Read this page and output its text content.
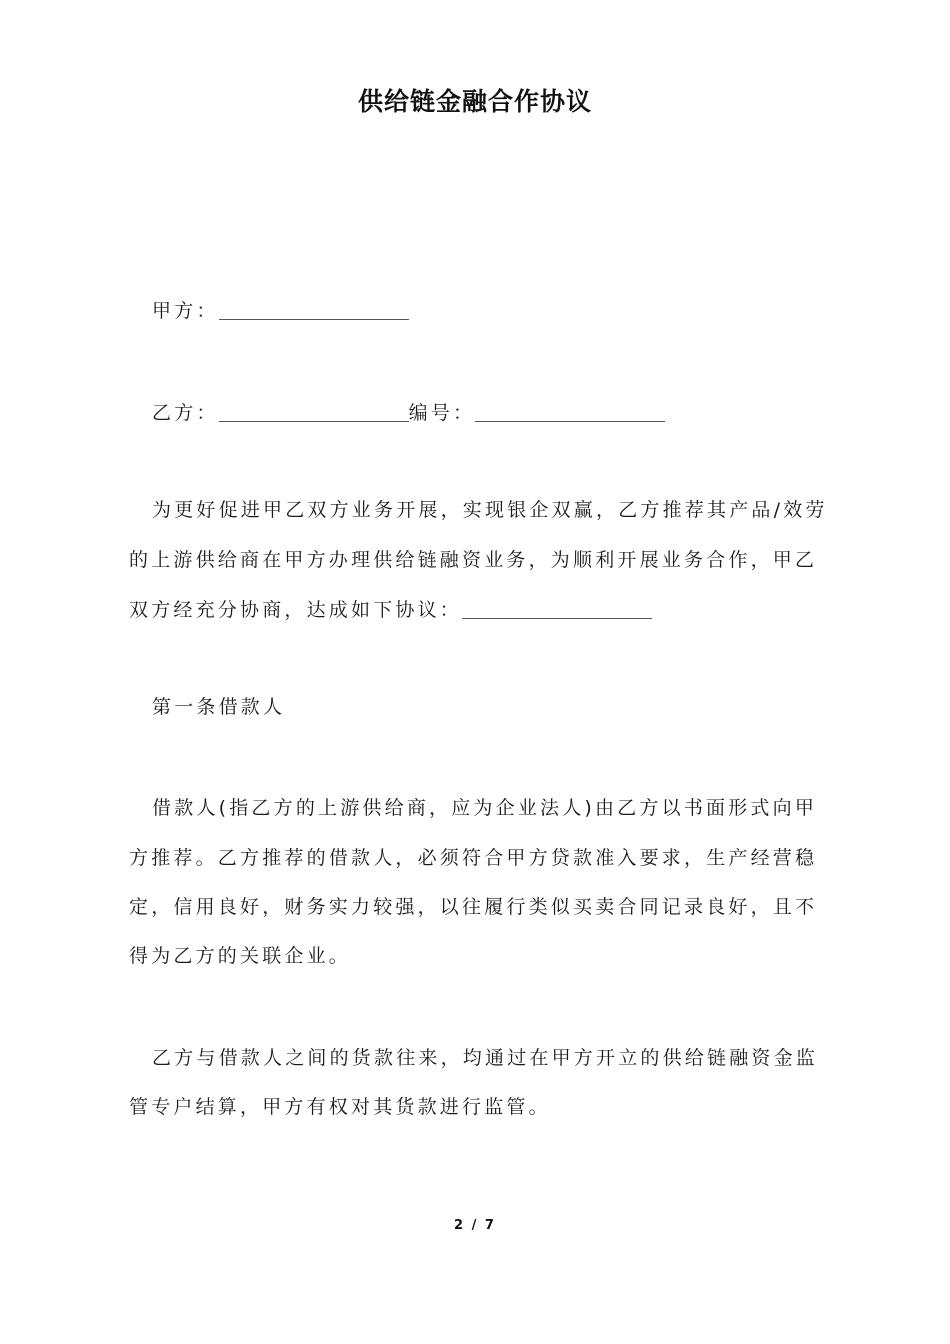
供给链金融合作协议
甲方：
乙方：	编号：
为更好促进甲乙双方业务开展，实现银企双赢，乙方推荐其产品/效劳
的上游供给商在甲方办理供给链融资业务，为顺利开展业务合作，甲乙
双方经充分协商，达成如下协议：
第一条借款人
借款人(指乙方的上游供给商，应为企业法人)由乙方以书面形式向甲
方推荐。乙方推荐的借款人，必须符合甲方贷款准入要求，生产经营稳
定，信用良好，财务实力较强，以往履行类似买卖合同记录良好，且不
得为乙方的关联企业。
乙方与借款人之间的货款往来，均通过在甲方开立的供给链融资金监
管专户结算，甲方有权对其货款进行监管。
2 / 7
